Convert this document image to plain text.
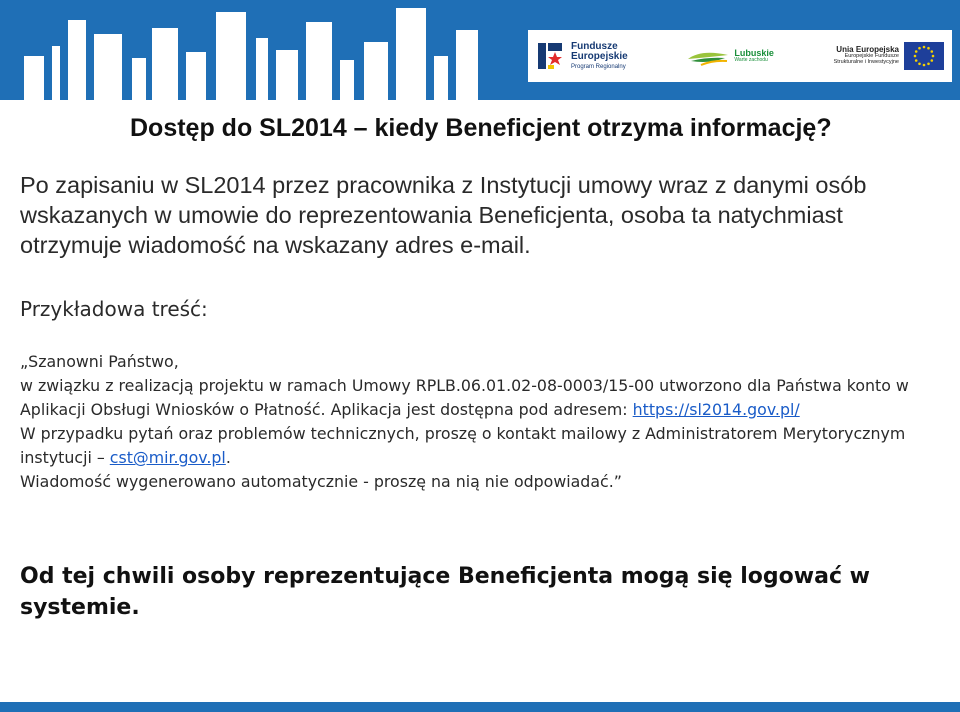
Fundusze
Europejskie
Program Regionalny
Lubuskie
Warte zachodu
Unia Europejska
Europejskie Fundusze
Strukturalne i Inwestycyjne
Dostęp do SL2014 – kiedy Beneficjent otrzyma informację?

Po zapisaniu w SL2014 przez pracownika z Instytucji umowy wraz z danymi osób wskazanych w umowie do reprezentowania Beneficjenta, osoba ta natychmiast otrzymuje wiadomość na wskazany adres e-mail.

Przykładowa treść:

„Szanowni Państwo,

w związku z realizacją projektu w ramach Umowy RPLB.06.01.02-08-0003/15-00 utworzono dla Państwa konto w Aplikacji Obsługi Wniosków o Płatność. Aplikacja jest dostępna pod adresem: https://sl2014.gov.pl/

W przypadku pytań oraz problemów technicznych, proszę o kontakt mailowy z Administratorem Merytorycznym instytucji – cst@mir.gov.pl.

Wiadomość wygenerowano automatycznie - proszę na nią nie odpowiadać.”

Od tej chwili osoby reprezentujące Beneficjenta mogą się logować w systemie.
